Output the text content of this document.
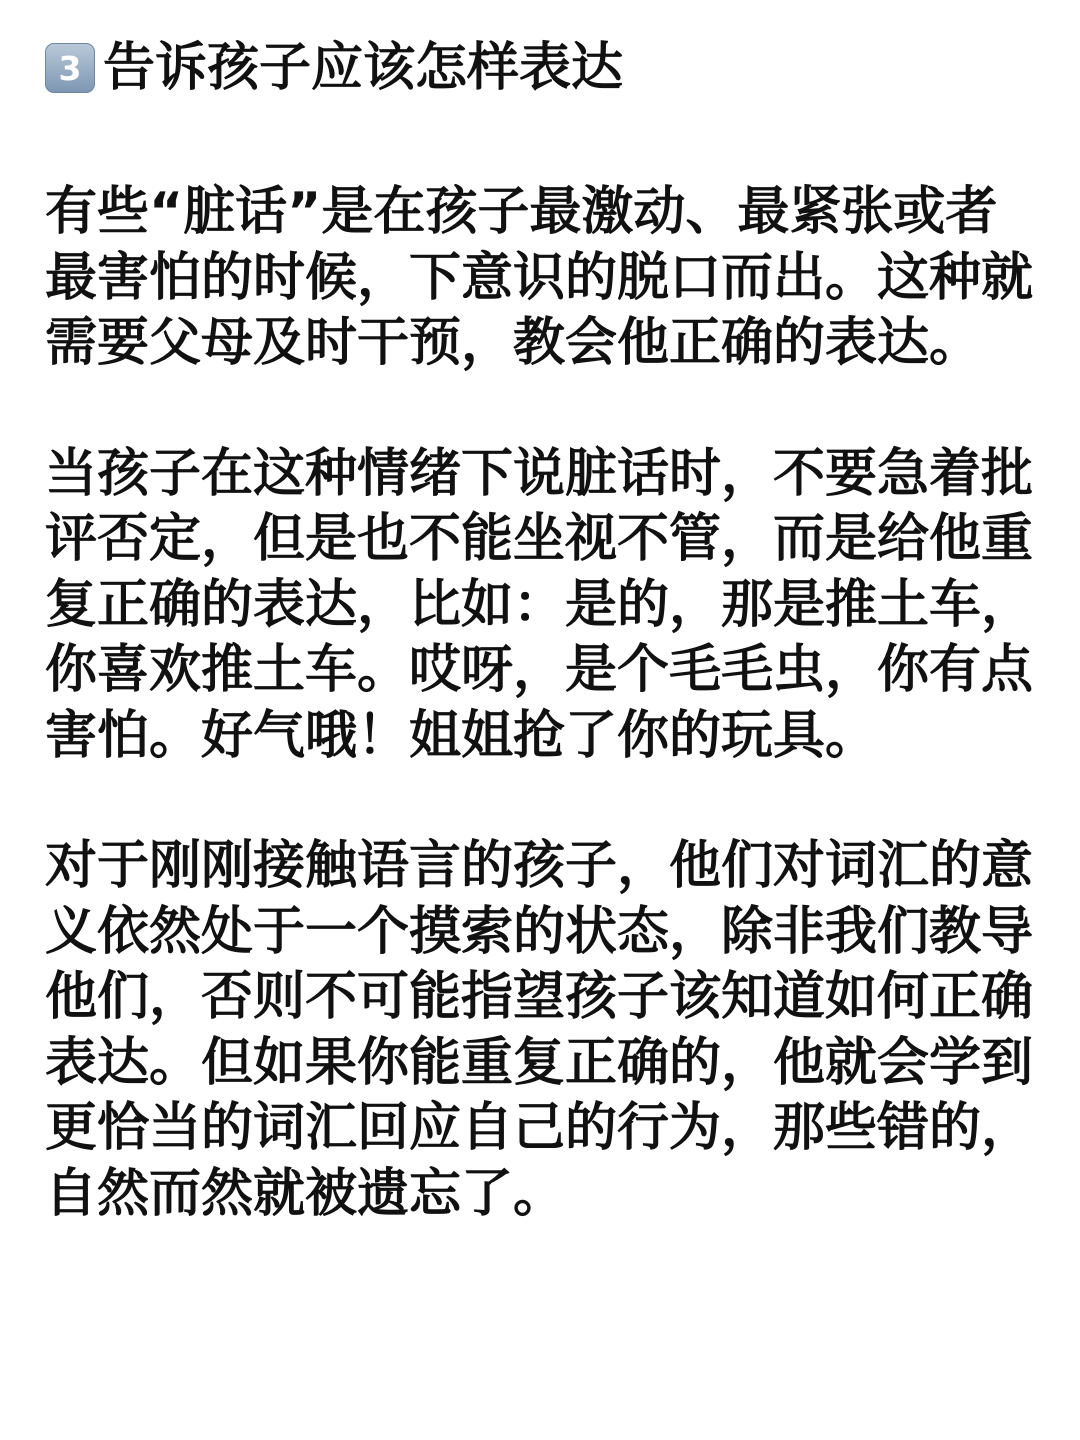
3 告诉孩子应该怎样表达

有些“脏话”是在孩子最激动、最紧张或者最害怕的时候，下意识的脱口而出。这种就需要父母及时干预，教会他正确的表达。

当孩子在这种情绪下说脏话时，不要急着批评否定，但是也不能坐视不管，而是给他重复正确的表达，比如：是的，那是推土车，你喜欢推土车。哎呀，是个毛毛虫，你有点害怕。好气哦！姐姐抢了你的玩具。

对于刚刚接触语言的孩子，他们对词汇的意义依然处于一个摸索的状态，除非我们教导他们，否则不可能指望孩子该知道如何正确表达。但如果你能重复正确的，他就会学到更恰当的词汇回应自己的行为，那些错的，自然而然就被遗忘了。
